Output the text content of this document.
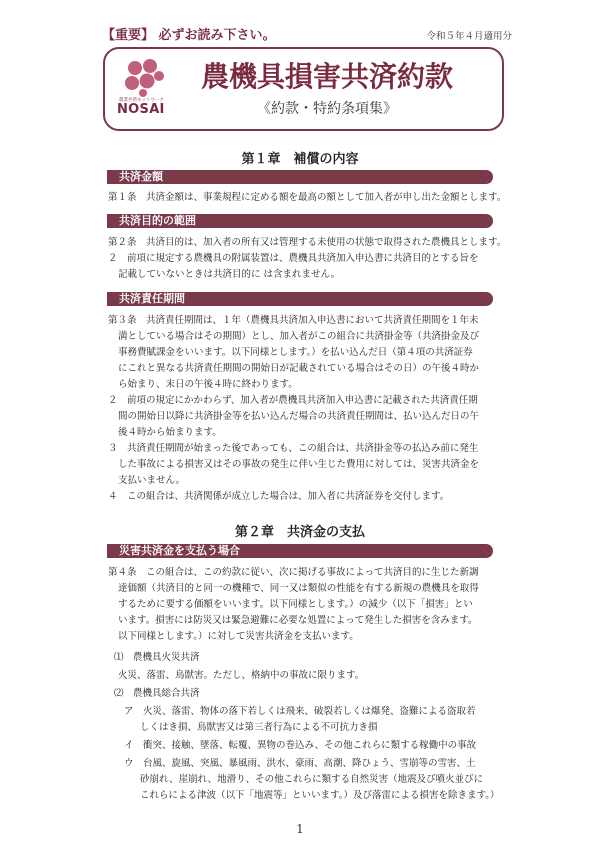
【重要】 必ずお読み下さい。	令和５年４月適用分
農業共済ネットワーク
NOSAI
農機具損害共済約款
《約款・特約条項集》
第１章　補償の内容
共済金額
第１条　共済金額は、事業規程に定める額を最高の額として加入者が申し出た金額とします。
共済目的の範囲
第２条　共済目的は、加入者の所有又は管理する未使用の状態で取得された農機具とします。
２　前項に規定する農機具の附属装置は、農機具共済加入申込書に共済目的とする旨を
記載していないときは共済目的に は含まれません。
共済責任期間
第３条　共済責任期間は、１年（農機具共済加入申込書において共済責任期間を１年未
満としている場合はその期間）とし、加入者がこの組合に共済掛金等（共済掛金及び
事務費賦課金をいいます。以下同様とします。）を払い込んだ日（第４項の共済証券
にこれと異なる共済責任期間の開始日が記載されている場合はその日）の午後４時か
ら始まり、末日の午後４時に終わります。
２　前項の規定にかかわらず、加入者が農機具共済加入申込書に記載された共済責任期
間の開始日以降に共済掛金等を払い込んだ場合の共済責任期間は、払い込んだ日の午
後４時から始まります。
３　共済責任期間が始まった後であっても、この組合は、共済掛金等の払込み前に発生
した事故による損害又はその事故の発生に伴い生じた費用に対しては、災害共済金を
支払いません。
４　この組合は、共済関係が成立した場合は、加入者に共済証券を交付します。
第２章　共済金の支払
災害共済金を支払う場合
第４条　この組合は、この約款に従い、次に掲げる事故によって共済目的に生じた新調
達価額（共済目的と同一の機種で、同一又は類似の性能を有する新規の農機具を取得
するために要する価額をいいます。以下同様とします。）の減少（以下「損害」とい
います。損害には防災又は緊急避難に必要な処置によって発生した損害を含みます。
以下同様とします。）に対して災害共済金を支払います。
⑴　農機具火災共済
火災、落雷、鳥獣害。ただし、格納中の事故に限ります。
⑵　農機具総合共済
ア　火災、落雷、物体の落下若しくは飛来、破裂若しくは爆発、盗難による盗取若
しくはき損、鳥獣害又は第三者行為による不可抗力き損
イ　衝突、接触、墜落、転覆、異物の巻込み、その他これらに類する稼働中の事故
ウ　台風、旋風、突風、暴風雨、洪水、豪雨、高潮、降ひょう、雪崩等の雪害、土
砂崩れ、崖崩れ、地滑り、その他これらに類する自然災害（地震及び噴火並びに
これらによる津波（以下「地震等」といいます。）及び落雷による損害を除きます。）
1
